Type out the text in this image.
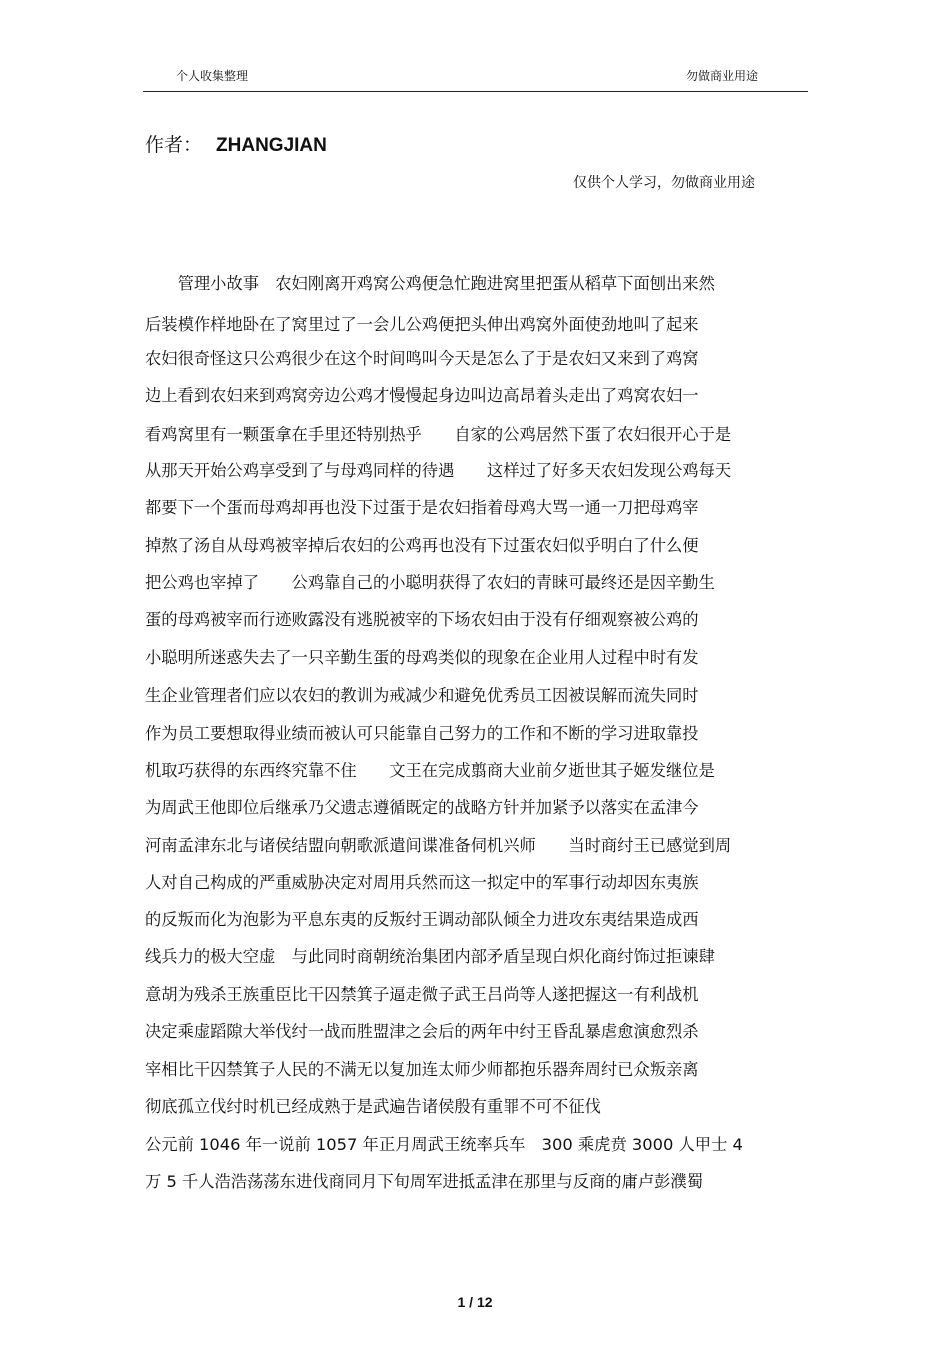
个人收集整理	勿做商业用途
作者： ZHANGJIAN
仅供个人学习，勿做商业用途
　　管理小故事　农妇刚离开鸡窝公鸡便急忙跑进窝里把蛋从稻草下面刨出来然
后装模作样地卧在了窝里过了一会儿公鸡便把头伸出鸡窝外面使劲地叫了起来
农妇很奇怪这只公鸡很少在这个时间鸣叫今天是怎么了于是农妇又来到了鸡窝
边上看到农妇来到鸡窝旁边公鸡才慢慢起身边叫边高昂着头走出了鸡窝农妇一
看鸡窝里有一颗蛋拿在手里还特别热乎　　自家的公鸡居然下蛋了农妇很开心于是
从那天开始公鸡享受到了与母鸡同样的待遇　　这样过了好多天农妇发现公鸡每天
都要下一个蛋而母鸡却再也没下过蛋于是农妇指着母鸡大骂一通一刀把母鸡宰
掉熬了汤自从母鸡被宰掉后农妇的公鸡再也没有下过蛋农妇似乎明白了什么便
把公鸡也宰掉了　　公鸡靠自己的小聪明获得了农妇的青睐可最终还是因辛勤生
蛋的母鸡被宰而行迹败露没有逃脱被宰的下场农妇由于没有仔细观察被公鸡的
小聪明所迷惑失去了一只辛勤生蛋的母鸡类似的现象在企业用人过程中时有发
生企业管理者们应以农妇的教训为戒减少和避免优秀员工因被误解而流失同时
作为员工要想取得业绩而被认可只能靠自己努力的工作和不断的学习进取靠投
机取巧获得的东西终究靠不住　　文王在完成翦商大业前夕逝世其子姬发继位是
为周武王他即位后继承乃父遗志遵循既定的战略方针并加紧予以落实在孟津今
河南孟津东北与诸侯结盟向朝歌派遣间谍准备伺机兴师　　当时商纣王已感觉到周
人对自己构成的严重威胁决定对周用兵然而这一拟定中的军事行动却因东夷族
的反叛而化为泡影为平息东夷的反叛纣王调动部队倾全力进攻东夷结果造成西
线兵力的极大空虚　与此同时商朝统治集团内部矛盾呈现白炽化商纣饰过拒谏肆
意胡为残杀王族重臣比干囚禁箕子逼走微子武王吕尚等人遂把握这一有利战机
决定乘虚蹈隙大举伐纣一战而胜盟津之会后的两年中纣王昏乱暴虐愈演愈烈杀
宰相比干囚禁箕子人民的不满无以复加连太师少师都抱乐器奔周纣已众叛亲离
彻底孤立伐纣时机已经成熟于是武遍告诸侯殷有重罪不可不征伐
公元前 1046 年一说前 1057 年正月周武王统率兵车　300 乘虎贲 3000 人甲士 4
万 5 千人浩浩荡荡东进伐商同月下旬周军进抵孟津在那里与反商的庸卢彭濮蜀
1 / 12
